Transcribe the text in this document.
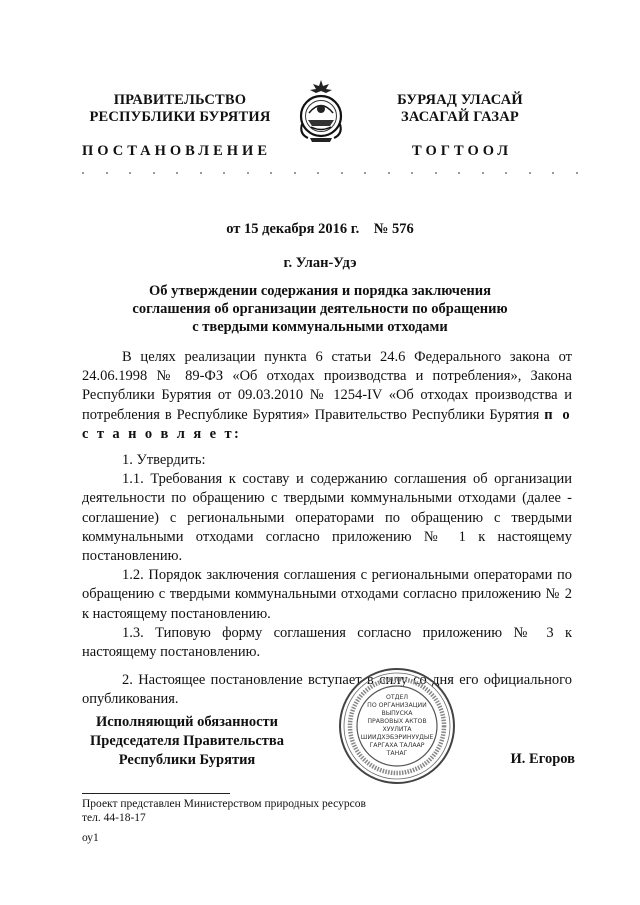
ПРАВИТЕЛЬСТВО
РЕСПУБЛИКИ БУРЯТИЯ
БУРЯАД УЛАСАЙ
ЗАСАГАЙ ГАЗАР
ПОСТАНОВЛЕНИЕ	ТОГТООЛ
от 15 декабря 2016 г.    № 576
г. Улан-Удэ
Об утверждении содержания и порядка заключения
соглашения об организации деятельности по обращению
с твердыми коммунальными отходами

В целях реализации пункта 6 статьи 24.6 Федерального закона от 24.06.1998 № 89-ФЗ «Об отходах производства и потребления», Закона Республики Бурятия от 09.03.2010 № 1254-IV «Об отходах производства и потребления в Республике Бурятия» Правительство Республики Бурятия п о с т а н о в л я е т:

1. Утвердить:

1.1. Требования к составу и содержанию соглашения об организации деятельности по обращению с твердыми коммунальными отходами (далее - соглашение) с региональными операторами по обращению с твердыми коммунальными отходами согласно приложению № 1 к настоящему постановлению.

1.2. Порядок заключения соглашения с региональными операторами по обращению с твердыми коммунальными отходами согласно приложению № 2 к настоящему постановлению.

1.3. Типовую форму соглашения согласно приложению № 3 к настоящему постановлению.

2. Настоящее постановление вступает в силу со дня его официального опубликования.	ОТДЕЛ
ПО ОРГАНИЗАЦИИ
ВЫПУСКА
ПРАВОВЫХ АКТОВ
ХУУЛИТА
ШИИДХЭБЭРИНУУДЫЕ
ГАРГАХА ТАЛААР
ТАНАГ
Исполняющий обязанности
Председателя Правительства
Республики Бурятия	И. Егоров
Проект представлен Министерством природных ресурсов
тел. 44-18-17
оу1
